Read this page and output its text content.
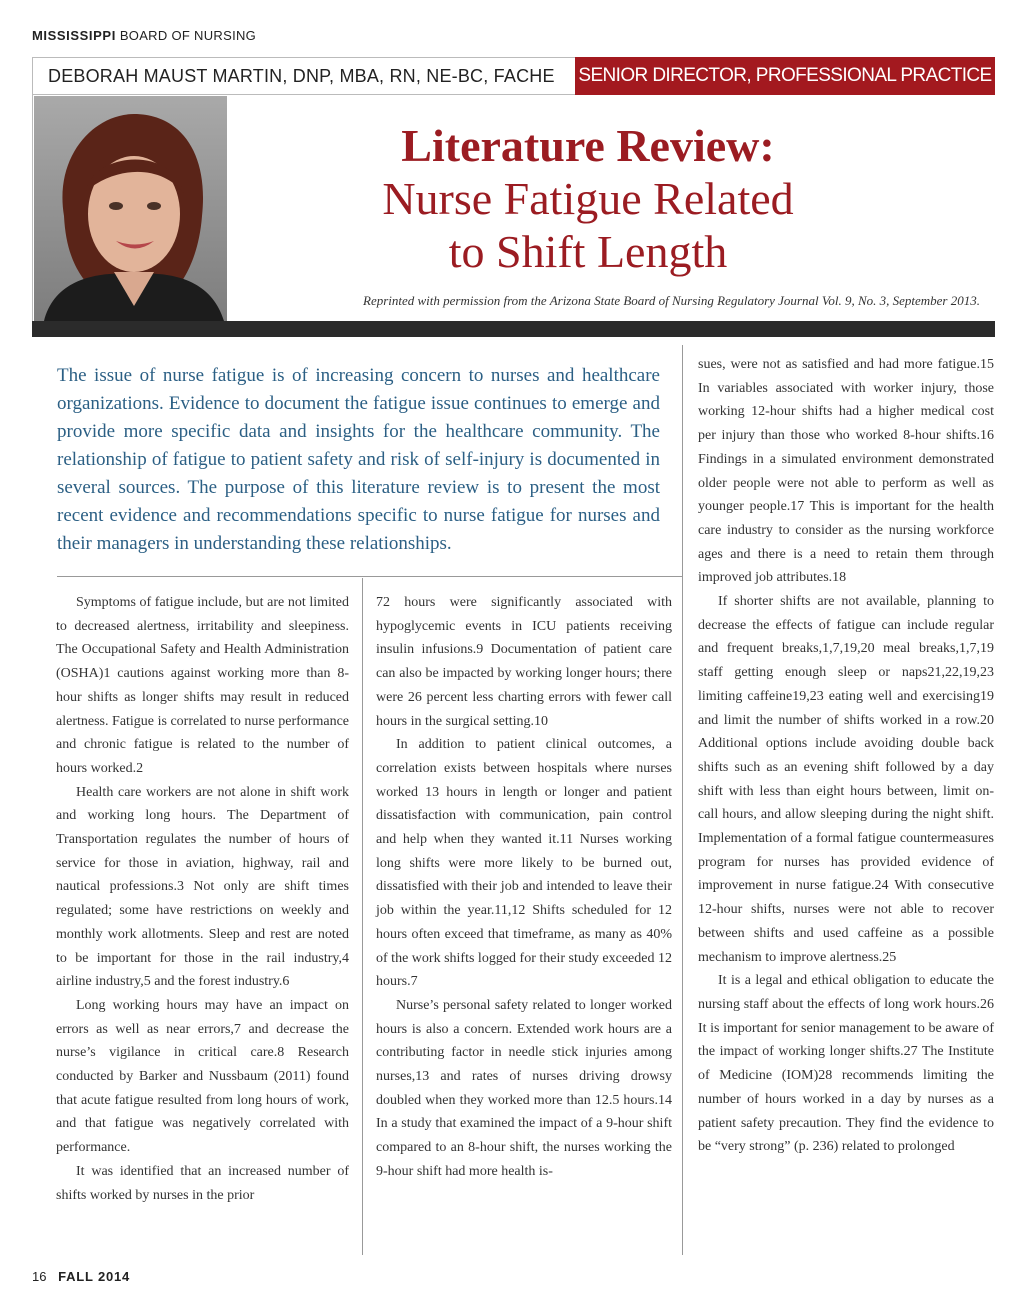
MISSISSIPPI BOARD OF NURSING
DEBORAH MAUST MARTIN, DNP, MBA, RN, NE-BC, FACHE SENIOR DIRECTOR, PROFESSIONAL PRACTICE BANNER HEALTH
Literature Review:
Nurse Fatigue Related
to Shift Length
Reprinted with permission from the Arizona State Board of Nursing Regulatory Journal Vol. 9, No. 3, September 2013.
The issue of nurse fatigue is of increasing concern to nurses and healthcare organizations. Evidence to document the fatigue issue continues to emerge and provide more specific data and insights for the healthcare community. The relationship of fatigue to patient safety and risk of self-injury is documented in several sources. The purpose of this literature review is to present the most recent evidence and recommendations specific to nurse fatigue for nurses and their managers in understanding these relationships.

Symptoms of fatigue include, but are not limited to decreased alertness, irritability and sleepiness. The Occupational Safety and Health Administration (OSHA)1 cautions against working more than 8-hour shifts as longer shifts may result in reduced alertness. Fatigue is correlated to nurse performance and chronic fatigue is related to the number of hours worked.2

Health care workers are not alone in shift work and working long hours. The Department of Transportation regulates the number of hours of service for those in aviation, highway, rail and nautical professions.3 Not only are shift times regulated; some have restrictions on weekly and monthly work allotments. Sleep and rest are noted to be important for those in the rail industry,4 airline industry,5 and the forest industry.6

Long working hours may have an impact on errors as well as near errors,7 and decrease the nurse’s vigilance in critical care.8 Research conducted by Barker and Nussbaum (2011) found that acute fatigue resulted from long hours of work, and that fatigue was negatively correlated with performance.

It was identified that an increased number of shifts worked by nurses in the prior

72 hours were significantly associated with hypoglycemic events in ICU patients receiving insulin infusions.9 Documentation of patient care can also be impacted by working longer hours; there were 26 percent less charting errors with fewer call hours in the surgical setting.10

In addition to patient clinical outcomes, a correlation exists between hospitals where nurses worked 13 hours in length or longer and patient dissatisfaction with communication, pain control and help when they wanted it.11 Nurses working long shifts were more likely to be burned out, dissatisfied with their job and intended to leave their job within the year.11,12 Shifts scheduled for 12 hours often exceed that timeframe, as many as 40% of the work shifts logged for their study exceeded 12 hours.7

Nurse’s personal safety related to longer worked hours is also a concern. Extended work hours are a contributing factor in needle stick injuries among nurses,13 and rates of nurses driving drowsy doubled when they worked more than 12.5 hours.14 In a study that examined the impact of a 9-hour shift compared to an 8-hour shift, the nurses working the 9-hour shift had more health is-

sues, were not as satisfied and had more fatigue.15 In variables associated with worker injury, those working 12-hour shifts had a higher medical cost per injury than those who worked 8-hour shifts.16 Findings in a simulated environment demonstrated older people were not able to perform as well as younger people.17 This is important for the health care industry to consider as the nursing workforce ages and there is a need to retain them through improved job attributes.18

If shorter shifts are not available, planning to decrease the effects of fatigue can include regular and frequent breaks,1,7,19,20 meal breaks,1,7,19 staff getting enough sleep or naps21,22,19,23 limiting caffeine19,23 eating well and exercising19 and limit the number of shifts worked in a row.20 Additional options include avoiding double back shifts such as an evening shift followed by a day shift with less than eight hours between, limit on-call hours, and allow sleeping during the night shift. Implementation of a formal fatigue countermeasures program for nurses has provided evidence of improvement in nurse fatigue.24 With consecutive 12-hour shifts, nurses were not able to recover between shifts and used caffeine as a possible mechanism to improve alertness.25

It is a legal and ethical obligation to educate the nursing staff about the effects of long work hours.26 It is important for senior management to be aware of the impact of working longer shifts.27 The Institute of Medicine (IOM)28 recommends limiting the number of hours worked in a day by nurses as a patient safety precaution. They find the evidence to be “very strong” (p. 236) related to prolonged

16 FALL 2014
